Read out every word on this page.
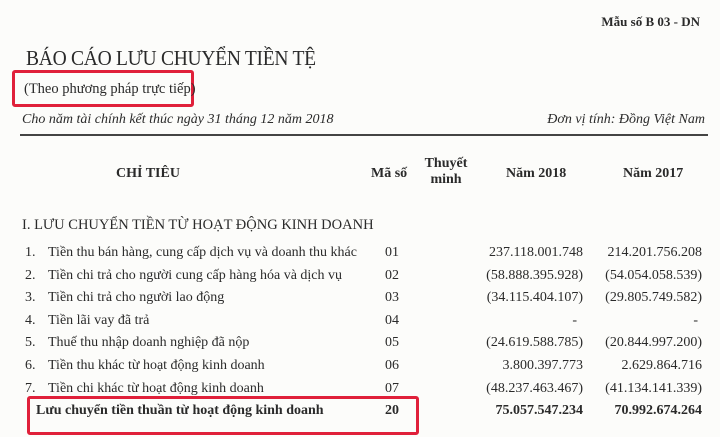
Mẫu số B 03 - DN
BÁO CÁO LƯU CHUYỂN TIỀN TỆ
(Theo phương pháp trực tiếp)
Cho năm tài chính kết thúc ngày 31 tháng 12 năm 2018	Đơn vị tính: Đồng Việt Nam
CHỈ TIÊU	Mã số
Thuyết
minh	Năm 2018	Năm 2017
I. LƯU CHUYỂN TIỀN TỪ HOẠT ĐỘNG KINH DOANH
1. Tiền thu bán hàng, cung cấp dịch vụ và doanh thu khác 01	237.118.001.748 214.201.756.208
2. Tiền chi trả cho người cung cấp hàng hóa và dịch vụ	02	(58.888.395.928) (54.054.058.539)
3. Tiền chi trả cho người lao động	03	(34.115.404.107) (29.805.749.582)
4. Tiền lãi vay đã trả	04	-	-
5. Thuế thu nhập doanh nghiệp đã nộp	05	(24.619.588.785) (20.844.997.200)
6. Tiền thu khác từ hoạt động kinh doanh	06	3.800.397.773	2.629.864.716
7. Tiền chi khác từ hoạt động kinh doanh	07	(48.237.463.467) (41.134.141.339)
Lưu chuyển tiền thuần từ hoạt động kinh doanh	20	75.057.547.234 70.992.674.264
